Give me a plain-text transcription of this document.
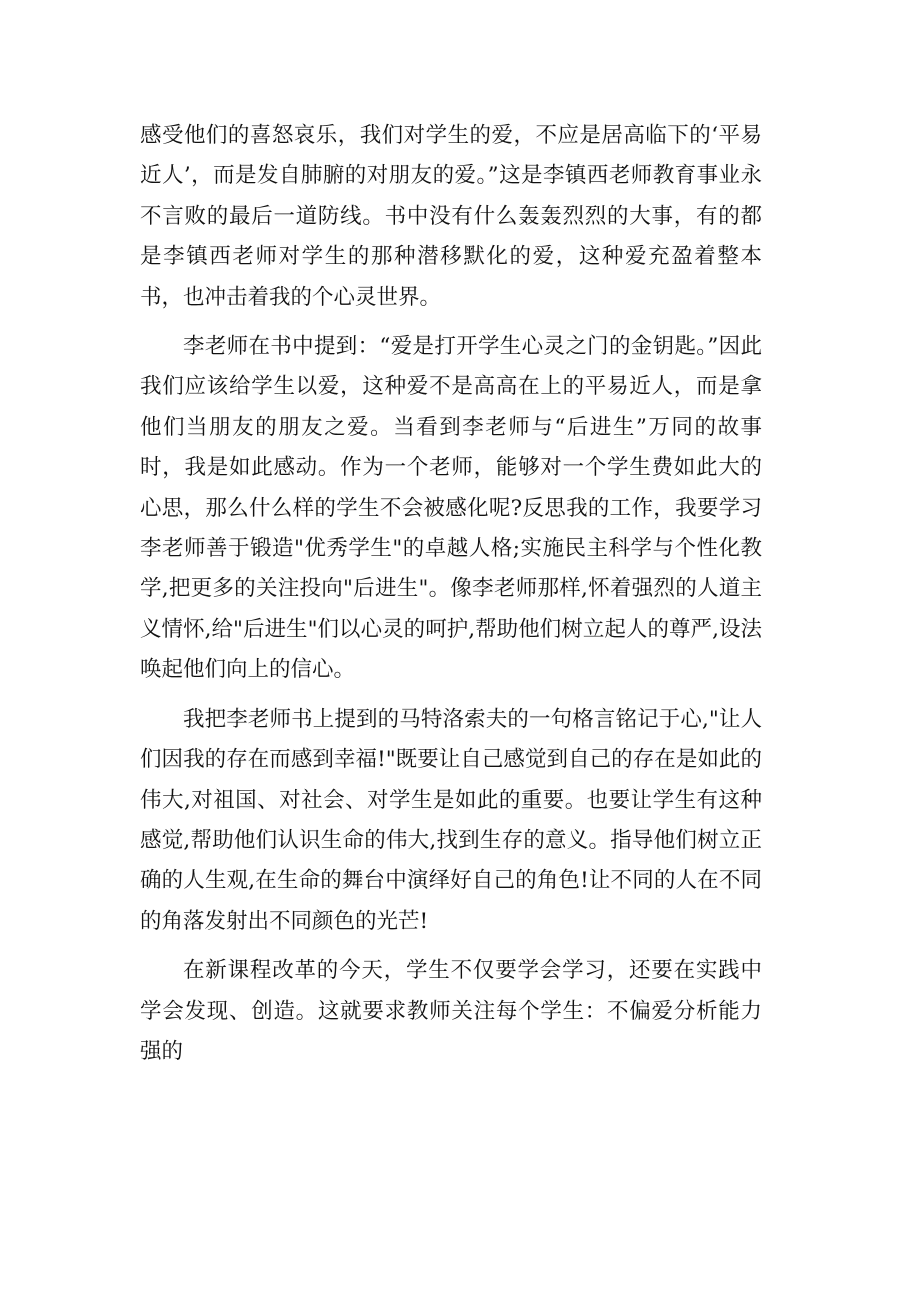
感受他们的喜怒哀乐，我们对学生的爱，不应是居高临下的‘平易近人’，而是发自肺腑的对朋友的爱。”这是李镇西老师教育事业永不言败的最后一道防线。书中没有什么轰轰烈烈的大事，有的都是李镇西老师对学生的那种潜移默化的爱，这种爱充盈着整本书，也冲击着我的个心灵世界。

李老师在书中提到：“爱是打开学生心灵之门的金钥匙。”因此我们应该给学生以爱，这种爱不是高高在上的平易近人，而是拿他们当朋友的朋友之爱。当看到李老师与“后进生”万同的故事时，我是如此感动。作为一个老师，能够对一个学生费如此大的心思，那么什么样的学生不会被感化呢?反思我的工作，我要学习李老师善于锻造"优秀学生"的卓越人格;实施民主科学与个性化教学,把更多的关注投向"后进生"。像李老师那样,怀着强烈的人道主义情怀,给"后进生"们以心灵的呵护,帮助他们树立起人的尊严,设法唤起他们向上的信心。

我把李老师书上提到的马特洛索夫的一句格言铭记于心,"让人们因我的存在而感到幸福!"既要让自己感觉到自己的存在是如此的伟大,对祖国、对社会、对学生是如此的重要。也要让学生有这种感觉,帮助他们认识生命的伟大,找到生存的意义。指导他们树立正确的人生观,在生命的舞台中演绎好自己的角色!让不同的人在不同的角落发射出不同颜色的光芒!

在新课程改革的今天，学生不仅要学会学习，还要在实践中学会发现、创造。这就要求教师关注每个学生：不偏爱分析能力强的
